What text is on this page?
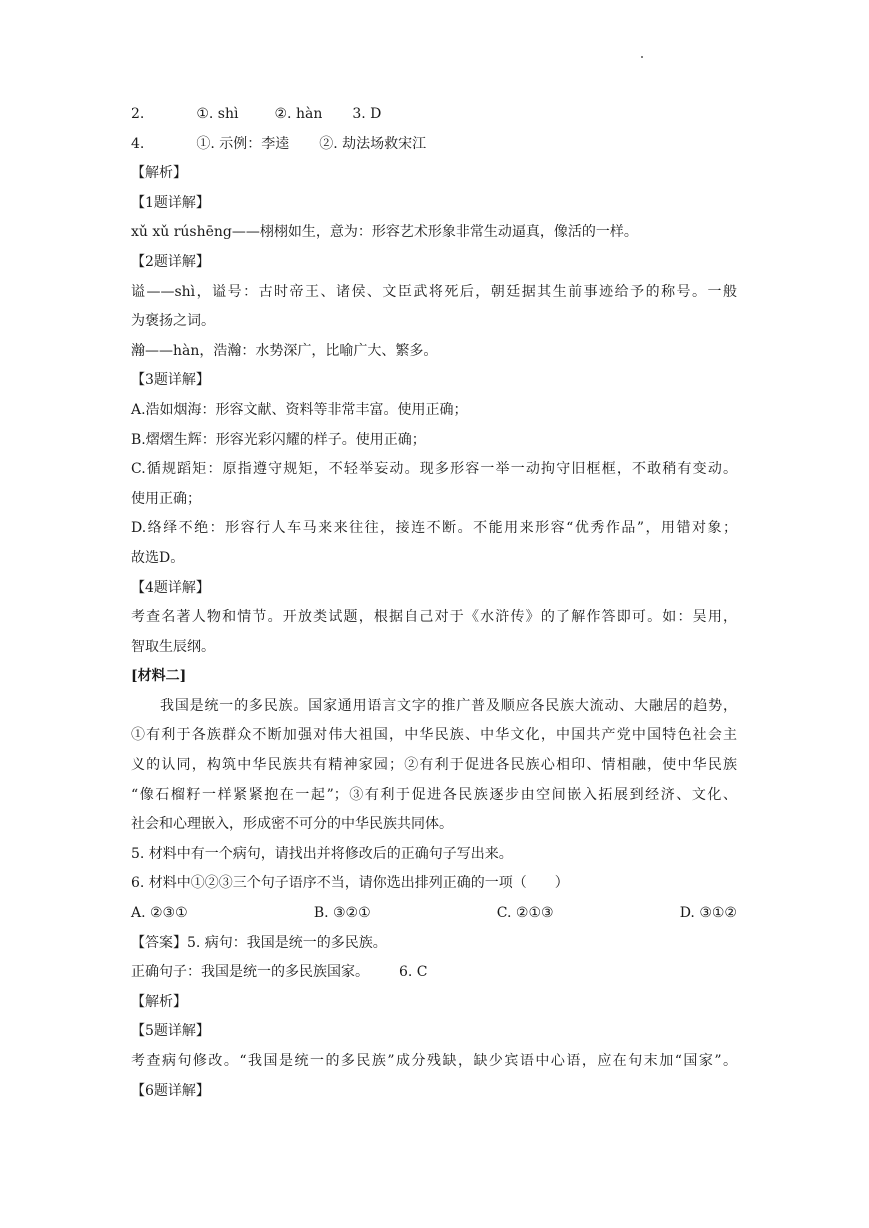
2.	①. shì	②. hàn 3. D
4.	①. 示例：李逵 ②. 劫法场救宋江
【解析】
【1题详解】
xǔ xǔ rúshēng——栩栩如生，意为：形容艺术形象非常生动逼真，像活的一样。
【2题详解】
谥——shì，谥号：古时帝王、诸侯、文臣武将死后，朝廷据其生前事迹给予的称号。一般
为褒扬之词。
瀚——hàn，浩瀚：水势深广，比喻广大、繁多。
【3题详解】
A.浩如烟海：形容文献、资料等非常丰富。使用正确；
B.熠熠生辉：形容光彩闪耀的样子。使用正确；
C.循规蹈矩：原指遵守规矩，不轻举妄动。现多形容一举一动拘守旧框框，不敢稍有变动。
使用正确；
D.络绎不绝：形容行人车马来来往往，接连不断。不能用来形容“优秀作品”，用错对象；
故选D。
【4题详解】
考查名著人物和情节。开放类试题，根据自己对于《水浒传》的了解作答即可。如：吴用，
智取生辰纲。
[材料二]
我国是统一的多民族。国家通用语言文字的推广普及顺应各民族大流动、大融居的趋势，
①有利于各族群众不断加强对伟大祖国，中华民族、中华文化，中国共产党中国特色社会主
义的认同，构筑中华民族共有精神家园；②有利于促进各民族心相印、情相融，使中华民族
“像石榴籽一样紧紧抱在一起”；③有利于促进各民族逐步由空间嵌入拓展到经济、文化、
社会和心理嵌入，形成密不可分的中华民族共同体。
5. 材料中有一个病句，请找出并将修改后的正确句子写出来。
6. 材料中①②③三个句子语序不当，请你选出排列正确的一项（　　）
A. ②③①	B. ③②①	C. ②①③	D. ③①②
【答案】5. 病句：我国是统一的多民族。
正确句子：我国是统一的多民族国家。 6. C
【解析】
【5题详解】
考查病句修改。“我国是统一的多民族”成分残缺，缺少宾语中心语，应在句末加“国家”。
【6题详解】
